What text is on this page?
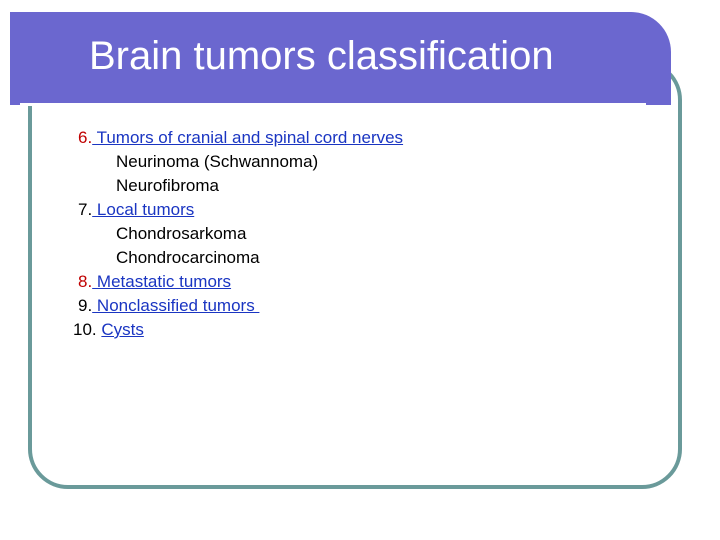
Brain tumors classification
6. Tumors of cranial and spinal cord nerves
Neurinoma (Schwannoma)
Neurofibroma
7. Local tumors
Chondrosarkoma
Chondrocarcinoma
8. Metastatic tumors
9. Nonclassified tumors
10. Cysts
